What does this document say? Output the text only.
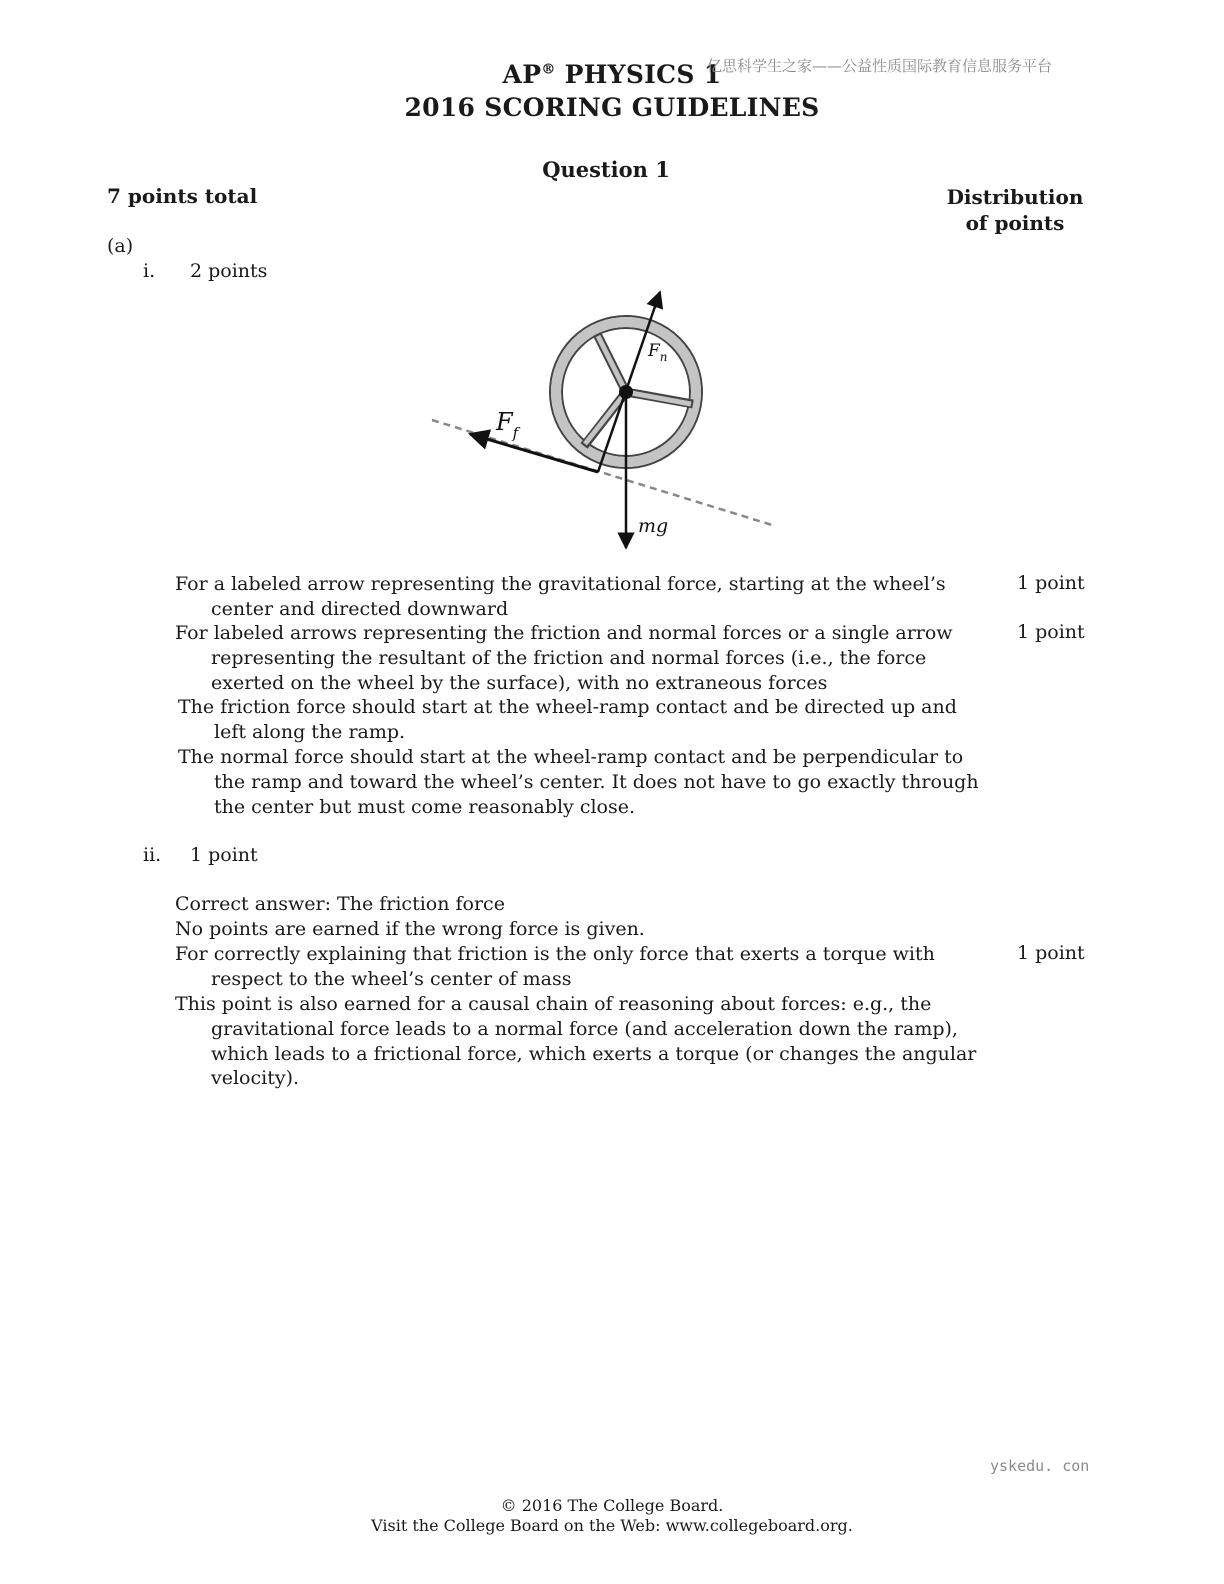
AP® PHYSICS 1
2016 SCORING GUIDELINES
亿思科学生之家——公益性质国际教育信息服务平台
Question 1
7 points total	Distribution
of points
(a)
i. 2 points
$F_n$
$F_f$
mg
For a labeled arrow representing the gravitational force, starting at the wheel’s center and directed downward
1 point
For labeled arrows representing the friction and normal forces or a single arrow representing the resultant of the friction and normal forces (i.e., the force exerted on the wheel by the surface), with no extraneous forces
1 point
The friction force should start at the wheel-ramp contact and be directed up and left along the ramp.
The normal force should start at the wheel-ramp contact and be perpendicular to the ramp and toward the wheel’s center. It does not have to go exactly through the center but must come reasonably close.
ii. 1 point
Correct answer: The friction force
No points are earned if the wrong force is given.
For correctly explaining that friction is the only force that exerts a torque with respect to the wheel’s center of mass
1 point
This point is also earned for a causal chain of reasoning about forces: e.g., the gravitational force leads to a normal force (and acceleration down the ramp), which leads to a frictional force, which exerts a torque (or changes the angular velocity).
yskedu. con
© 2016 The College Board.
Visit the College Board on the Web: www.collegeboard.org.
